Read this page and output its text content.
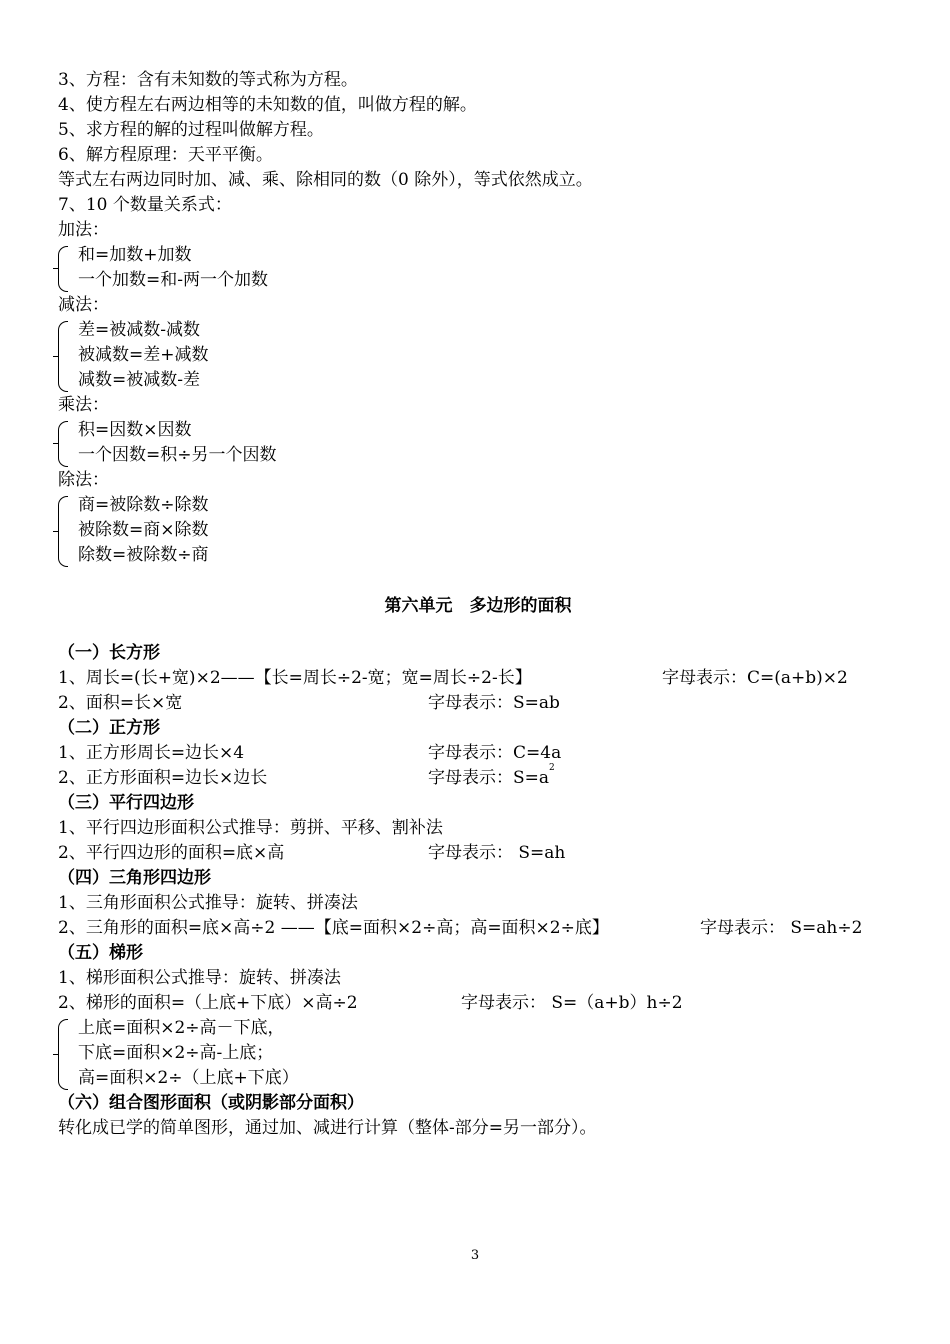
3、方程：含有未知数的等式称为方程。
4、使方程左右两边相等的未知数的值，叫做方程的解。
5、求方程的解的过程叫做解方程。
6、解方程原理：天平平衡。
等式左右两边同时加、减、乘、除相同的数（0 除外），等式依然成立。
7、10 个数量关系式：
加法：
和=加数+加数
一个加数=和-两一个加数
减法：
差=被减数-减数
被减数=差+减数
减数=被减数-差
乘法：
积=因数×因数
一个因数=积÷另一个因数
除法：
商=被除数÷除数
被除数=商×除数
除数=被除数÷商
第六单元　多边形的面积
（一）长方形
1、周长=(长+宽)×2——【长=周长÷2-宽；宽=周长÷2-长】	字母表示：C=(a+b)×2
2、面积=长×宽	字母表示：S=ab
（二）正方形
1、正方形周长=边长×4	字母表示：C=4a
2、正方形面积=边长×边长	字母表示：$S=a^2$
（三）平行四边形
1、平行四边形面积公式推导：剪拼、平移、割补法
2、平行四边形的面积=底×高	字母表示： S=ah
（四）三角形四边形
1、三角形面积公式推导：旋转、拼凑法
2、三角形的面积=底×高÷2 ——【底=面积×2÷高；高=面积×2÷底】	字母表示： S=ah÷2
（五）梯形
1、梯形面积公式推导：旋转、拼凑法
2、梯形的面积=（上底+下底）×高÷2	字母表示： S=（a+b）h÷2
上底=面积×2÷高－下底，
下底=面积×2÷高-上底；
高=面积×2÷（上底+下底）
（六）组合图形面积（或阴影部分面积）
转化成已学的简单图形，通过加、减进行计算（整体-部分=另一部分）。
3
